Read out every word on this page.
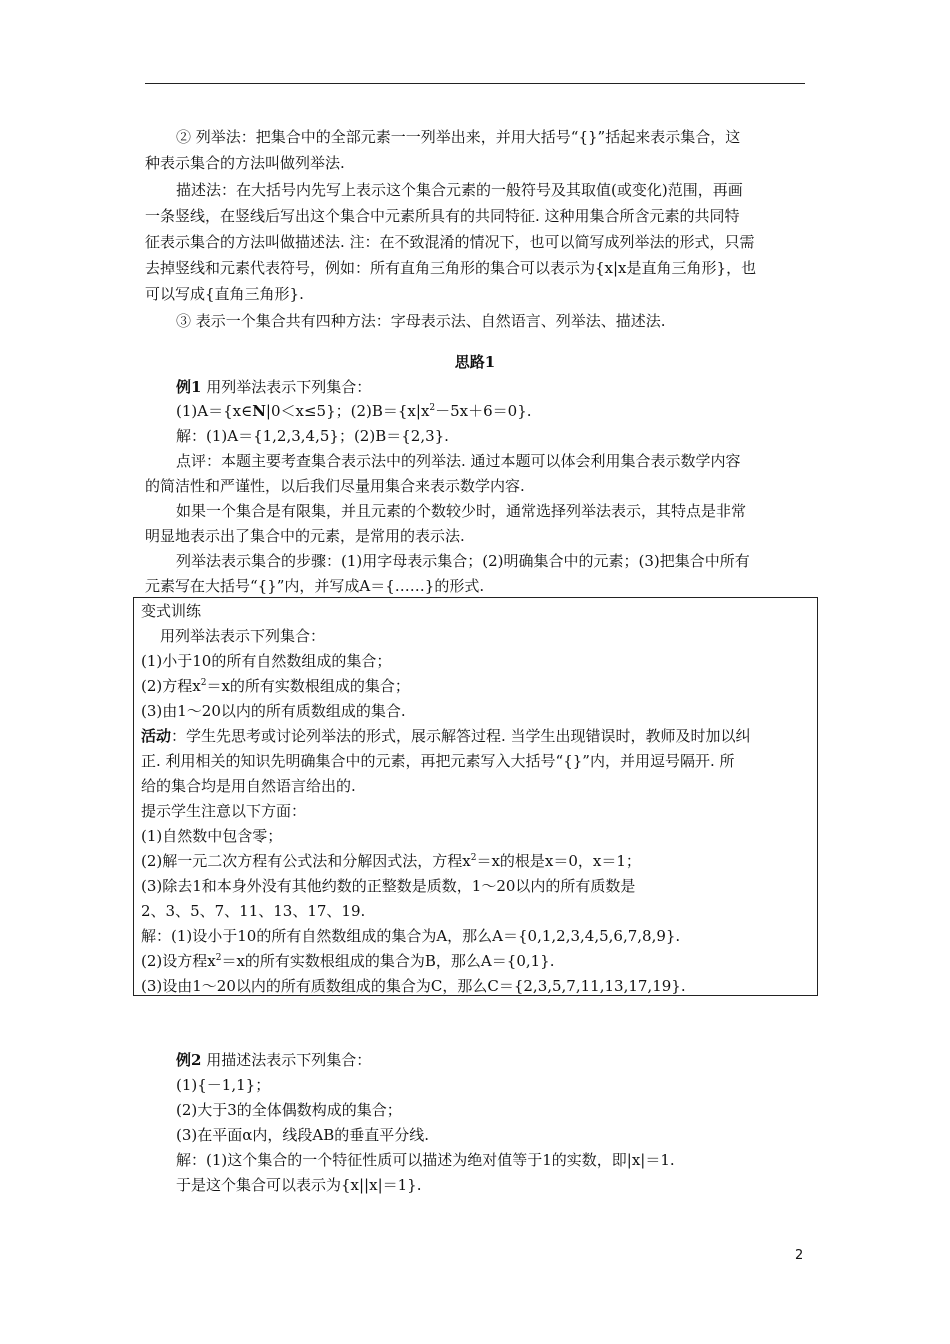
② 列举法：把集合中的全部元素一一列举出来，并用大括号“{}”括起来表示集合，这
种表示集合的方法叫做列举法.
描述法：在大括号内先写上表示这个集合元素的一般符号及其取值(或变化)范围，再画
一条竖线，在竖线后写出这个集合中元素所具有的共同特征. 这种用集合所含元素的共同特
征表示集合的方法叫做描述法. 注：在不致混淆的情况下，也可以简写成列举法的形式，只需
去掉竖线和元素代表符号，例如：所有直角三角形的集合可以表示为{x|x是直角三角形}，也
可以写成{直角三角形}.
③ 表示一个集合共有四种方法：字母表示法、自然语言、列举法、描述法.
思路1
例1 用列举法表示下列集合：
(1)A＝{x∈N|0＜x≤5}；$(2)B=\{x|x^2-5x+6=0\}$.
解：(1)A＝{1,2,3,4,5}；(2)B＝{2,3}.
点评：本题主要考查集合表示法中的列举法. 通过本题可以体会利用集合表示数学内容
的简洁性和严谨性，以后我们尽量用集合来表示数学内容.
如果一个集合是有限集，并且元素的个数较少时，通常选择列举法表示，其特点是非常
明显地表示出了集合中的元素，是常用的表示法.
列举法表示集合的步骤：(1)用字母表示集合；(2)明确集合中的元素；(3)把集合中所有
元素写在大括号“{}”内，并写成A＝{……}的形式.
变式训练
用列举法表示下列集合：
(1)小于10的所有自然数组成的集合；
(2)方程$x^2=x$的所有实数根组成的集合；
(3)由1～20以内的所有质数组成的集合.
活动：学生先思考或讨论列举法的形式，展示解答过程. 当学生出现错误时，教师及时加以纠
正. 利用相关的知识先明确集合中的元素，再把元素写入大括号“{}”内，并用逗号隔开. 所
给的集合均是用自然语言给出的.
提示学生注意以下方面：
(1)自然数中包含零；
(2)解一元二次方程有公式法和分解因式法，方程$x^2=x$的根是x＝0，x＝1；
(3)除去1和本身外没有其他约数的正整数是质数，1～20以内的所有质数是
2、3、5、7、11、13、17、19.
解：(1)设小于10的所有自然数组成的集合为A，那么A＝{0,1,2,3,4,5,6,7,8,9}.
(2)设方程$x^2=x$的所有实数根组成的集合为B，那么A＝{0,1}.
(3)设由1～20以内的所有质数组成的集合为C，那么C＝{2,3,5,7,11,13,17,19}.
例2 用描述法表示下列集合：
(1){－1,1}；
(2)大于3的全体偶数构成的集合；
(3)在平面α内，线段AB的垂直平分线.
解：(1)这个集合的一个特征性质可以描述为绝对值等于1的实数，即|x|＝1.
于是这个集合可以表示为{x||x|＝1}.
2
